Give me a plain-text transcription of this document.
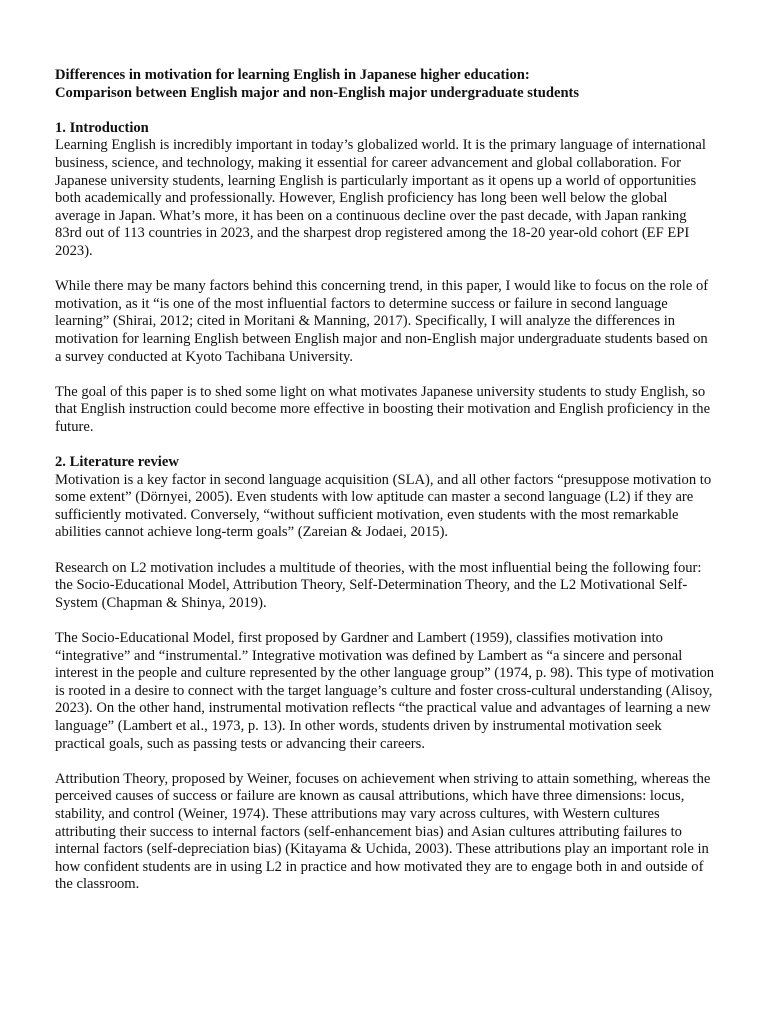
Differences in motivation for learning English in Japanese higher education:
Comparison between English major and non-English major undergraduate students
1. Introduction

Learning English is incredibly important in today’s globalized world. It is the primary language of international business, science, and technology, making it essential for career advancement and global collaboration. For Japanese university students, learning English is particularly important as it opens up a world of opportunities both academically and professionally. However, English proficiency has long been well below the global average in Japan. What’s more, it has been on a continuous decline over the past decade, with Japan ranking 83rd out of 113 countries in 2023, and the sharpest drop registered among the 18-20 year-old cohort (EF EPI 2023).

While there may be many factors behind this concerning trend, in this paper, I would like to focus on the role of motivation, as it “is one of the most influential factors to determine success or failure in second language learning” (Shirai, 2012; cited in Moritani & Manning, 2017). Specifically, I will analyze the differences in motivation for learning English between English major and non-English major undergraduate students based on a survey conducted at Kyoto Tachibana University.

The goal of this paper is to shed some light on what motivates Japanese university students to study English, so that English instruction could become more effective in boosting their motivation and English proficiency in the future.

2. Literature review

Motivation is a key factor in second language acquisition (SLA), and all other factors “presuppose motivation to some extent” (Dörnyei, 2005). Even students with low aptitude can master a second language (L2) if they are sufficiently motivated. Conversely, “without sufficient motivation, even students with the most remarkable abilities cannot achieve long-term goals” (Zareian & Jodaei, 2015).

Research on L2 motivation includes a multitude of theories, with the most influential being the following four: the Socio-Educational Model, Attribution Theory, Self-Determination Theory, and the L2 Motivational Self-System (Chapman & Shinya, 2019).

The Socio-Educational Model, first proposed by Gardner and Lambert (1959), classifies motivation into “integrative” and “instrumental.” Integrative motivation was defined by Lambert as “a sincere and personal interest in the people and culture represented by the other language group” (1974, p. 98). This type of motivation is rooted in a desire to connect with the target language’s culture and foster cross-cultural understanding (Alisoy, 2023). On the other hand, instrumental motivation reflects “the practical value and advantages of learning a new language” (Lambert et al., 1973, p. 13). In other words, students driven by instrumental motivation seek practical goals, such as passing tests or advancing their careers.

Attribution Theory, proposed by Weiner, focuses on achievement when striving to attain something, whereas the perceived causes of success or failure are known as causal attributions, which have three dimensions: locus, stability, and control (Weiner, 1974). These attributions may vary across cultures, with Western cultures attributing their success to internal factors (self-enhancement bias) and Asian cultures attributing failures to internal factors (self-depreciation bias) (Kitayama & Uchida, 2003). These attributions play an important role in how confident students are in using L2 in practice and how motivated they are to engage both in and outside of the classroom.
